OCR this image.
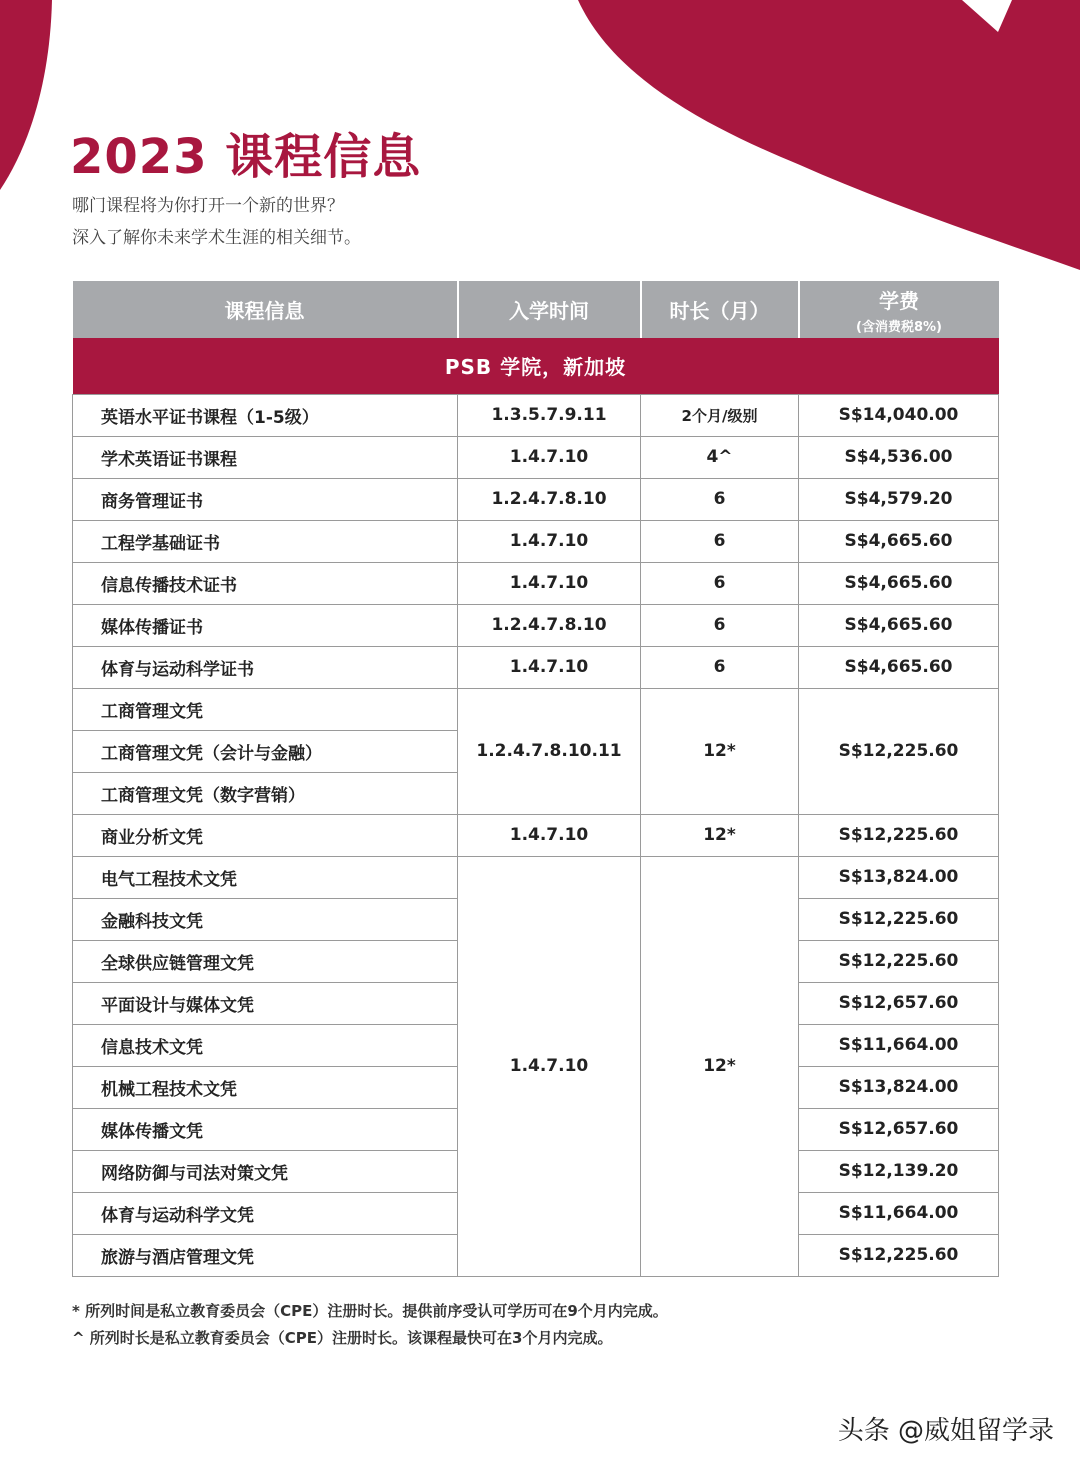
2023 课程信息

哪门课程将为你打开一个新的世界？

深入了解你未来学术生涯的相关细节。

课程信息	入学时间	时长（月）	学费
(含消费税8%)

PSB 学院，新加坡			
英语水平证书课程（1-5级）	1.3.5.7.9.11	2个月/级别	S$14,040.00
学术英语证书课程	1.4.7.10	4^	S$4,536.00
商务管理证书	1.2.4.7.8.10	6	S$4,579.20
工程学基础证书	1.4.7.10	6	S$4,665.60
信息传播技术证书	1.4.7.10	6	S$4,665.60
媒体传播证书	1.2.4.7.8.10	6	S$4,665.60
体育与运动科学证书	1.4.7.10	6	S$4,665.60
工商管理文凭	1.2.4.7.8.10.11	12*	S$12,225.60
工商管理文凭（会计与金融）			
工商管理文凭（数字营销）			
商业分析文凭	1.4.7.10	12*	S$12,225.60
电气工程技术文凭	1.4.7.10	12*	S$13,824.00
金融科技文凭			S$12,225.60
全球供应链管理文凭			S$12,225.60
平面设计与媒体文凭			S$12,657.60
信息技术文凭			S$11,664.00
机械工程技术文凭			S$13,824.00
媒体传播文凭			S$12,657.60
网络防御与司法对策文凭			S$12,139.20
体育与运动科学文凭			S$11,664.00
旅游与酒店管理文凭			S$12,225.60

* 所列时间是私立教育委员会（CPE）注册时长。提供前序受认可学历可在9个月内完成。

^ 所列时长是私立教育委员会（CPE）注册时长。该课程最快可在3个月内完成。

头条 @威姐留学录
